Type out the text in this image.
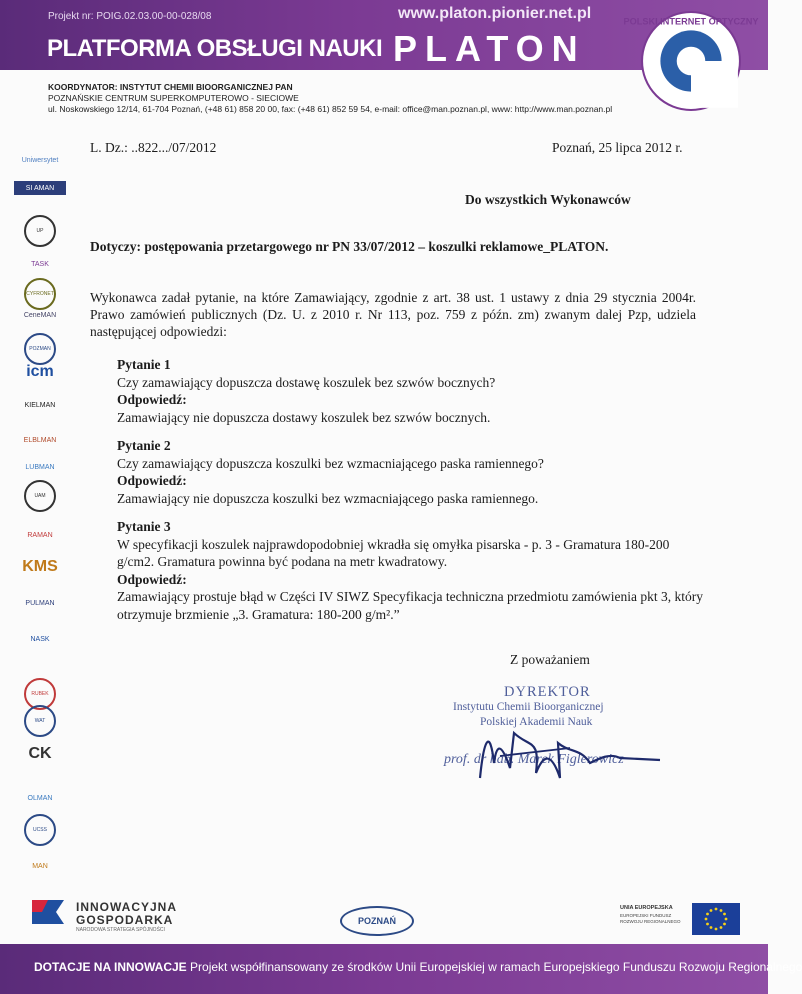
Projekt nr: POIG.02.03.00-00-028/08	www.platon.pionier.net.pl
PLATFORMA OBSŁUGI NAUKI PLATON
POLSKI INTERNET OPTYCZNY
KOORDYNATOR: INSTYTUT CHEMII BIOORGANICZNEJ PAN
POZNAŃSKIE CENTRUM SUPERKOMPUTEROWO - SIECIOWE
ul. Noskowskiego 12/14, 61-704 Poznań, (+48 61) 858 20 00, fax: (+48 61) 852 59 54, e-mail: office@man.poznan.pl, www: http://www.man.poznan.pl
L. Dz.: ..822.../07/2012	Poznań, 25 lipca 2012 r.
Do wszystkich Wykonawców
Dotyczy: postępowania przetargowego nr PN 33/07/2012 – koszulki reklamowe_PLATON.
Wykonawca zadał pytanie, na które Zamawiający, zgodnie z art. 38 ust. 1 ustawy z dnia 29 stycznia 2004r. Prawo zamówień publicznych (Dz. U. z 2010 r. Nr 113, poz. 759 z późn. zm) zwanym dalej Pzp, udziela następującej odpowiedzi:
Pytanie 1
Czy zamawiający dopuszcza dostawę koszulek bez szwów bocznych?
Odpowiedź:
Zamawiający nie dopuszcza dostawy koszulek bez szwów bocznych.
Pytanie 2
Czy zamawiający dopuszcza koszulki bez wzmacniającego paska ramiennego?
Odpowiedź:
Zamawiający nie dopuszcza koszulki bez wzmacniającego paska ramiennego.
Pytanie 3
W specyfikacji koszulek najprawdopodobniej wkradła się omyłka pisarska - p. 3 - Gramatura 180-200 g/cm2. Gramatura powinna być podana na metr kwadratowy.
Odpowiedź:
Zamawiający prostuje błąd w Części IV SIWZ Specyfikacja techniczna przedmiotu zamówienia pkt 3, który otrzymuje brzmienie „3. Gramatura: 180-200 g/m².”
Z poważaniem
DYREKTOR
Instytutu Chemii Bioorganicznej
Polskiej Akademii Nauk
prof. dr hab. Marek Figlerowicz
INNOWACYJNA
GOSPODARKA
NARODOWA STRATEGIA SPÓJNOŚCI
POZNAŃ
UNIA EUROPEJSKA
EUROPEJSKI FUNDUSZ ROZWOJU REGIONALNEGO
DOTACJE NA INNOWACJE Projekt współfinansowany ze środków Unii Europejskiej w ramach Europejskiego Funduszu Rozwoju Regionalnego
Uniwersytet
SI AMAN
UP
TASK
CYFRONET
CeneMAN
POZMAN
icm
KIELMAN
ELBLMAN
LUBMAN
UAM
RAMAN
KMS
PULMAN
NASK
RUBEK
WAT
CK
OLMAN
UCSS
MAN
